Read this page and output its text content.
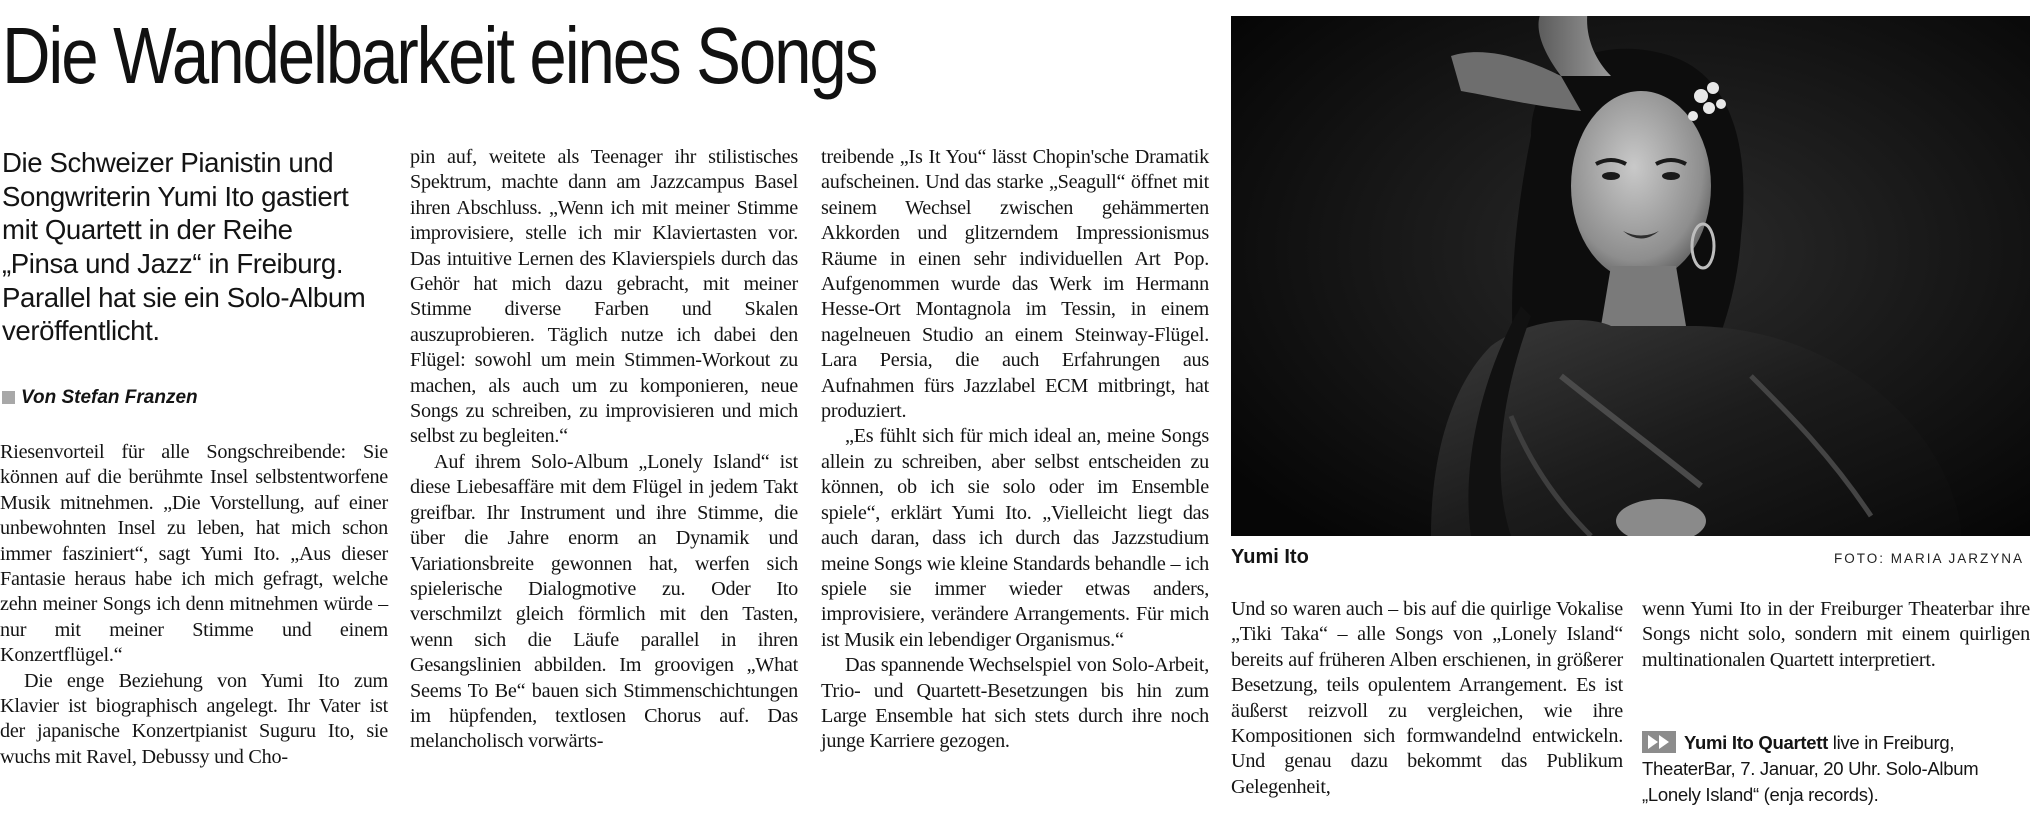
Die Wandelbarkeit eines Songs
Die Schweizer Pianistin und
Songwriterin Yumi Ito gastiert
mit Quartett in der Reihe
„Pinsa und Jazz“ in Freiburg.
Parallel hat sie ein Solo-Album
veröffentlicht.
Von Stefan Franzen

Riesenvorteil für alle Songschreibende: Sie können auf die berühmte Insel selbstentworfene Musik mitnehmen. „Die Vorstellung, auf einer unbewohnten Insel zu leben, hat mich schon immer fasziniert“, sagt Yumi Ito. „Aus dieser Fantasie heraus habe ich mich gefragt, welche zehn meiner Songs ich denn mitnehmen würde – nur mit meiner Stimme und einem Konzertflügel.“

Die enge Beziehung von Yumi Ito zum Klavier ist biographisch angelegt. Ihr Vater ist der japanische Konzertpianist Suguru Ito, sie wuchs mit Ravel, Debussy und Cho-

pin auf, weitete als Teenager ihr stilistisches Spektrum, machte dann am Jazzcampus Basel ihren Abschluss. „Wenn ich mit meiner Stimme improvisiere, stelle ich mir Klaviertasten vor. Das intuitive Lernen des Klavierspiels durch das Gehör hat mich dazu gebracht, mit meiner Stimme diverse Farben und Skalen auszuprobieren. Täglich nutze ich dabei den Flügel: sowohl um mein Stimmen-Workout zu machen, als auch um zu komponieren, neue Songs zu schreiben, zu improvisieren und mich selbst zu begleiten.“

Auf ihrem Solo-Album „Lonely Island“ ist diese Liebesaffäre mit dem Flügel in jedem Takt greifbar. Ihr Instrument und ihre Stimme, die über die Jahre enorm an Dynamik und Variationsbreite gewonnen hat, werfen sich spielerische Dialogmotive zu. Oder Ito verschmilzt gleich förmlich mit den Tasten, wenn sich die Läufe parallel in ihren Gesangslinien abbilden. Im groovigen „What Seems To Be“ bauen sich Stimmenschichtungen im hüpfenden, textlosen Chorus auf. Das melancholisch vorwärts-

treibende „Is It You“ lässt Chopin'sche Dramatik aufscheinen. Und das starke „Seagull“ öffnet mit seinem Wechsel zwischen gehämmerten Akkorden und glitzerndem Impressionismus Räume in einen sehr individuellen Art Pop. Aufgenommen wurde das Werk im Hermann Hesse-Ort Montagnola im Tessin, in einem nagelneuen Studio an einem Steinway-Flügel. Lara Persia, die auch Erfahrungen aus Aufnahmen fürs Jazzlabel ECM mitbringt, hat produziert.

„Es fühlt sich für mich ideal an, meine Songs allein zu schreiben, aber selbst entscheiden zu können, ob ich sie solo oder im Ensemble spiele“, erklärt Yumi Ito. „Vielleicht liegt das auch daran, dass ich durch das Jazzstudium meine Songs wie kleine Standards behandle – ich spiele sie immer wieder etwas anders, improvisiere, verändere Arrangements. Für mich ist Musik ein lebendiger Organismus.“

Das spannende Wechselspiel von Solo-Arbeit, Trio- und Quartett-Besetzungen bis hin zum Large Ensemble hat sich stets durch ihre noch junge Karriere gezogen.

Yumi Ito	FOTO: MARIA JARZYNA

Und so waren auch – bis auf die quirlige Vokalise „Tiki Taka“ – alle Songs von „Lonely Island“ bereits auf früheren Alben erschienen, in größerer Besetzung, teils opulentem Arrangement. Es ist äußerst reizvoll zu vergleichen, wie ihre Kompositionen sich formwandelnd entwickeln. Und genau dazu bekommt das Publikum Gelegenheit,

wenn Yumi Ito in der Freiburger Theaterbar ihre Songs nicht solo, sondern mit einem quirligen multinationalen Quartett interpretiert.

Yumi Ito Quartett live in Freiburg,
TheaterBar, 7. Januar, 20 Uhr. Solo-Album
„Lonely Island“ (enja records).
